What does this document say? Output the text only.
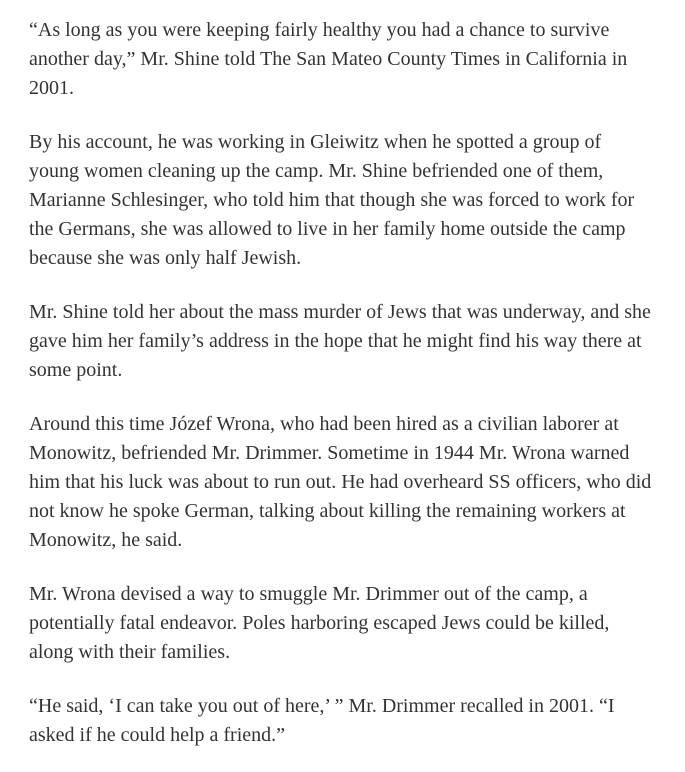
“As long as you were keeping fairly healthy you had a chance to survive another day,” Mr. Shine told The San Mateo County Times in California in 2001.

By his account, he was working in Gleiwitz when he spotted a group of young women cleaning up the camp. Mr. Shine befriended one of them, Marianne Schlesinger, who told him that though she was forced to work for the Germans, she was allowed to live in her family home outside the camp because she was only half Jewish.

Mr. Shine told her about the mass murder of Jews that was underway, and she gave him her family’s address in the hope that he might find his way there at some point.

Around this time Józef Wrona, who had been hired as a civilian laborer at Monowitz, befriended Mr. Drimmer. Sometime in 1944 Mr. Wrona warned him that his luck was about to run out. He had overheard SS officers, who did not know he spoke German, talking about killing the remaining workers at Monowitz, he said.

Mr. Wrona devised a way to smuggle Mr. Drimmer out of the camp, a potentially fatal endeavor. Poles harboring escaped Jews could be killed, along with their families.

“He said, ‘I can take you out of here,’ ” Mr. Drimmer recalled in 2001. “I asked if he could help a friend.”
